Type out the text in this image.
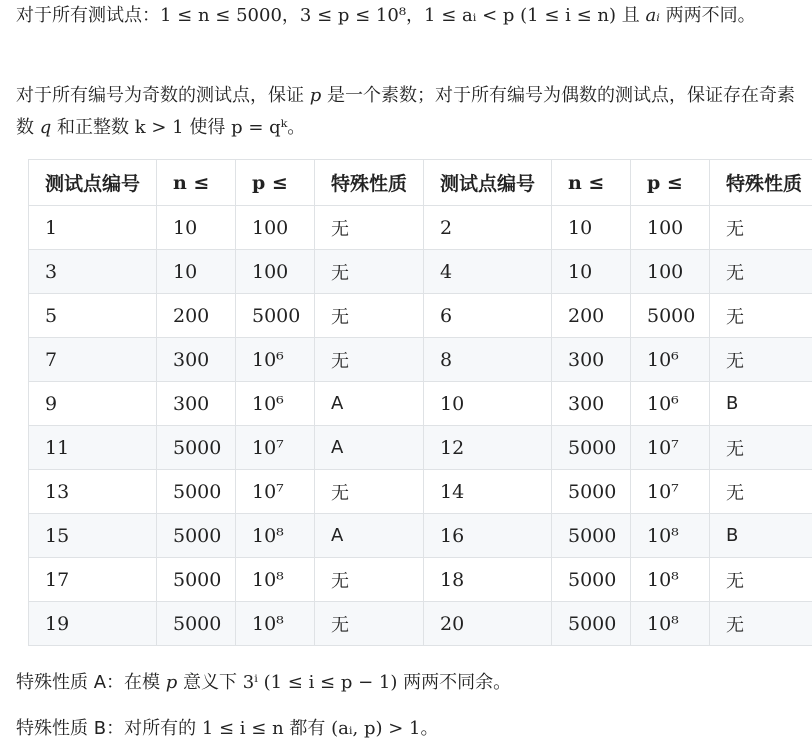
对于所有测试点：1 ≤ n ≤ 5000，3 ≤ p ≤ 10⁸，1 ≤ aᵢ < p (1 ≤ i ≤ n) 且 aᵢ 两两不同。
对于所有编号为奇数的测试点，保证 p 是一个素数；对于所有编号为偶数的测试点，保证存在奇素数 q 和正整数 k > 1 使得 p = qᵏ。
测试点编号	n ≤	p ≤	特殊性质	测试点编号	n ≤	p ≤	特殊性质
1	10	100	无	2	10	100	无
3	10	100	无	4	10	100	无
5	200	5000	无	6	200	5000	无
7	300	10⁶	无	8	300	10⁶	无
9	300	10⁶	A	10	300	10⁶	B
11	5000	10⁷	A	12	5000	10⁷	无
13	5000	10⁷	无	14	5000	10⁷	无
15	5000	10⁸	A	16	5000	10⁸	B
17	5000	10⁸	无	18	5000	10⁸	无
19	5000	10⁸	无	20	5000	10⁸	无
特殊性质 A：在模 p 意义下 3ⁱ (1 ≤ i ≤ p − 1) 两两不同余。
特殊性质 B：对所有的 1 ≤ i ≤ n 都有 (aᵢ, p) > 1。
